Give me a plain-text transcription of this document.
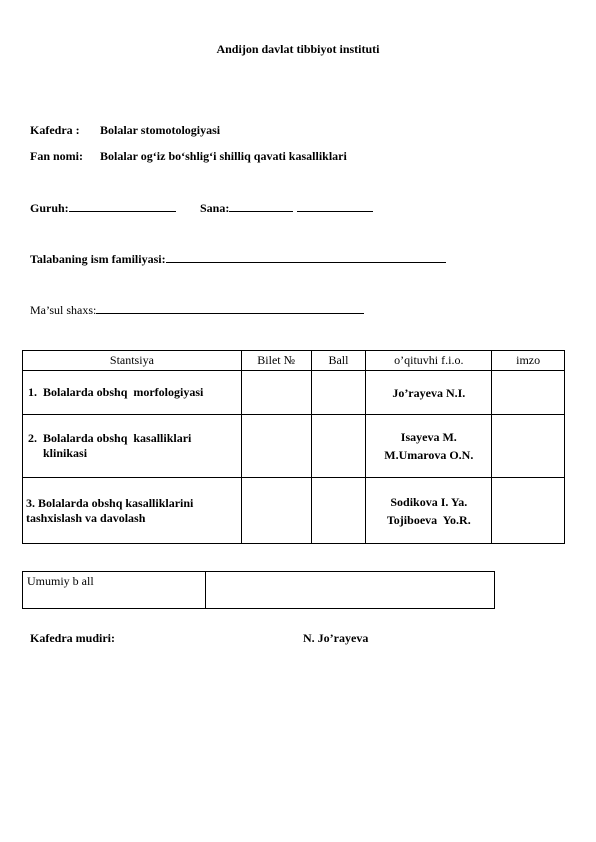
Andijon davlat tibbiyot instituti
Kafedra : Bolalar stomotologiyasi
Fan nomi: Bolalar og‘iz bo‘shlig‘i shilliq qavati kasalliklari
Guruh:	Sana:
Talabaning ism familiyasi:
Ma’sul shaxs:
Stantsiya	Bilet №	Ball	o’qituvhi f.i.o.	imzo
1.  Bolalarda obshq  morfologiyasi			Jo’rayeva N.I.	
2.  Bolalarda obshq  kasalliklari
klinikasi			Isayeva M.
M.Umarova O.N.	
3. Bolalarda obshq kasalliklarini
tashxislash va davolash			Sodikova I. Ya.
Tojiboeva  Yo.R.	
Umumiy b all	
Kafedra mudiri:	N. Jo’rayeva
